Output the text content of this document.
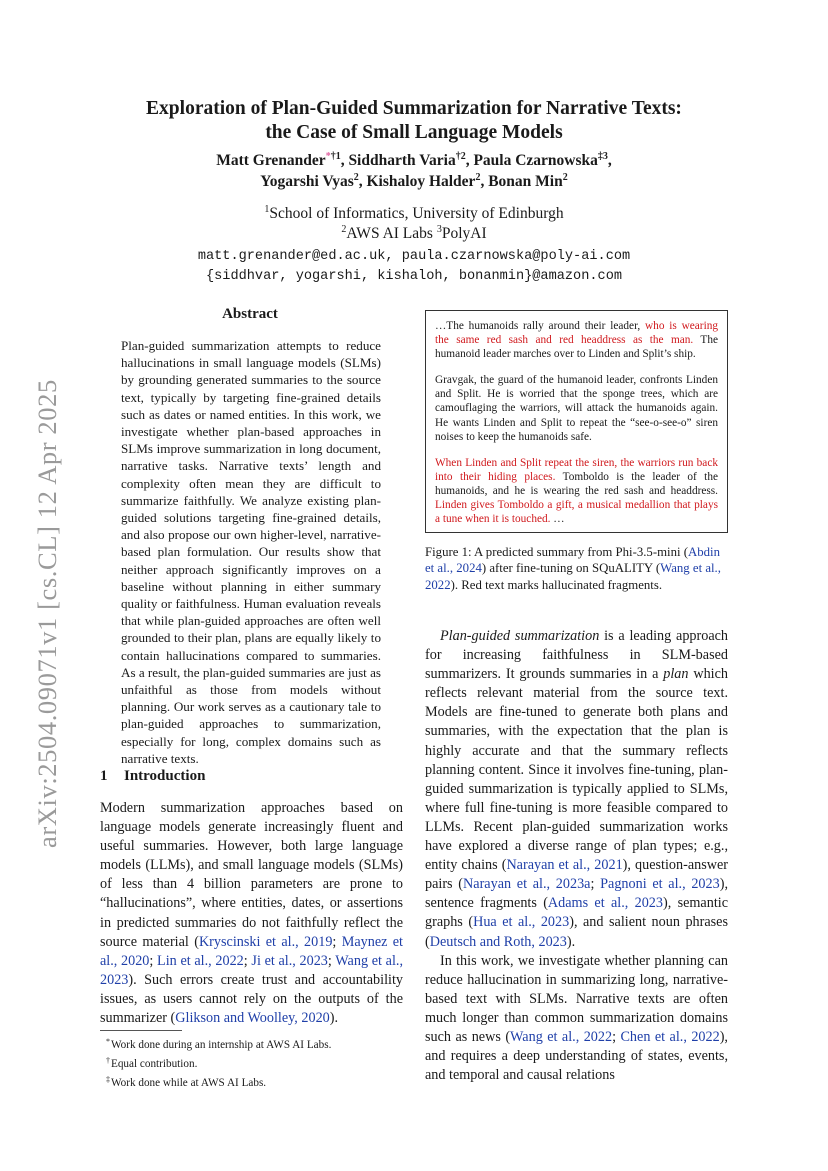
arXiv:2504.09071v1 [cs.CL] 12 Apr 2025
Exploration of Plan-Guided Summarization for Narrative Texts:
the Case of Small Language Models
Matt Grenander$^{*\dagger 1}$, Siddharth Varia$^{\dagger 2}$, Paula Czarnowska$^{\ddagger 3}$,
Yogarshi Vyas$^2$, Kishaloy Halder$^2$, Bonan Min$^2$
$^1$School of Informatics, University of Edinburgh
$^2$AWS AI Labs $^3$PolyAI
matt.grenander@ed.ac.uk, paula.czarnowska@poly-ai.com
{siddhvar, yogarshi, kishaloh, bonanmin}@amazon.com
Abstract
Plan-guided summarization attempts to reduce hallucinations in small language models (SLMs) by grounding generated summaries to the source text, typically by targeting fine-grained details such as dates or named entities. In this work, we investigate whether plan-based approaches in SLMs improve summarization in long document, narrative tasks. Narrative texts’ length and complexity often mean they are difficult to summarize faithfully. We analyze existing plan-guided solutions targeting fine-grained details, and also propose our own higher-level, narrative-based plan formulation. Our results show that neither approach significantly improves on a baseline without planning in either summary quality or faithfulness. Human evaluation reveals that while plan-guided approaches are often well grounded to their plan, plans are equally likely to contain hallucinations compared to summaries. As a result, the plan-guided summaries are just as unfaithful as those from models without planning. Our work serves as a cautionary tale to plan-guided approaches to summarization, especially for long, complex domains such as narrative texts.
1 Introduction
Modern summarization approaches based on language models generate increasingly fluent and useful summaries. However, both large language models (LLMs), and small language models (SLMs) of less than 4 billion parameters are prone to “hallucinations”, where entities, dates, or assertions in predicted summaries do not faithfully reflect the source material (Kryscinski et al., 2019; Maynez et al., 2020; Lin et al., 2022; Ji et al., 2023; Wang et al., 2023). Such errors create trust and accountability issues, as users cannot rely on the outputs of the summarizer (Glikson and Woolley, 2020).
*Work done during an internship at AWS AI Labs.
†Equal contribution.
‡Work done while at AWS AI Labs.

…The humanoids rally around their leader, who is wearing the same red sash and red headdress as the man. The humanoid leader marches over to Linden and Split’s ship.

Gravgak, the guard of the humanoid leader, confronts Linden and Split. He is worried that the sponge trees, which are camouflaging the warriors, will attack the humanoids again. He wants Linden and Split to repeat the “see-o-see-o” siren noises to keep the humanoids safe.

When Linden and Split repeat the siren, the warriors run back into their hiding places. Tomboldo is the leader of the humanoids, and he is wearing the red sash and headdress. Linden gives Tomboldo a gift, a musical medallion that plays a tune when it is touched. …

Figure 1: A predicted summary from Phi-3.5-mini (Abdin et al., 2024) after fine-tuning on SQuALITY (Wang et al., 2022). Red text marks hallucinated fragments.

Plan-guided summarization is a leading approach for increasing faithfulness in SLM-based summarizers. It grounds summaries in a plan which reflects relevant material from the source text. Models are fine-tuned to generate both plans and summaries, with the expectation that the plan is highly accurate and that the summary reflects planning content. Since it involves fine-tuning, plan-guided summarization is typically applied to SLMs, where full fine-tuning is more feasible compared to LLMs. Recent plan-guided summarization works have explored a diverse range of plan types; e.g., entity chains (Narayan et al., 2021), question-answer pairs (Narayan et al., 2023a; Pagnoni et al., 2023), sentence fragments (Adams et al., 2023), semantic graphs (Hua et al., 2023), and salient noun phrases (Deutsch and Roth, 2023).

In this work, we investigate whether planning can reduce hallucination in summarizing long, narrative-based text with SLMs. Narrative texts are often much longer than common summarization domains such as news (Wang et al., 2022; Chen et al., 2022), and requires a deep understanding of states, events, and temporal and causal relations
